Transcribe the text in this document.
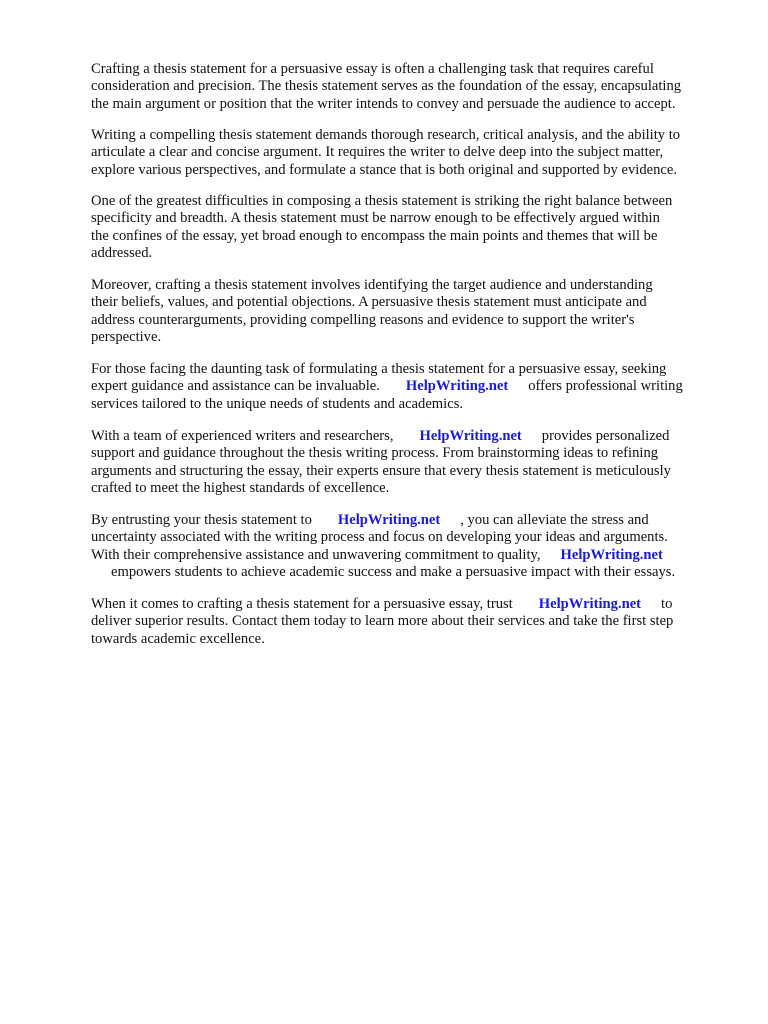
Crafting a thesis statement for a persuasive essay is often a challenging task that requires careful
consideration and precision. The thesis statement serves as the foundation of the essay, encapsulating
the main argument or position that the writer intends to convey and persuade the audience to accept.
Writing a compelling thesis statement demands thorough research, critical analysis, and the ability to
articulate a clear and concise argument. It requires the writer to delve deep into the subject matter,
explore various perspectives, and formulate a stance that is both original and supported by evidence.
One of the greatest difficulties in composing a thesis statement is striking the right balance between
specificity and breadth. A thesis statement must be narrow enough to be effectively argued within
the confines of the essay, yet broad enough to encompass the main points and themes that will be
addressed.
Moreover, crafting a thesis statement involves identifying the target audience and understanding
their beliefs, values, and potential objections. A persuasive thesis statement must anticipate and
address counterarguments, providing compelling reasons and evidence to support the writer's
perspective.
For those facing the daunting task of formulating a thesis statement for a persuasive essay, seeking
expert guidance and assistance can be invaluable. HelpWriting.net offers professional writing
services tailored to the unique needs of students and academics.
With a team of experienced writers and researchers, HelpWriting.net provides personalized
support and guidance throughout the thesis writing process. From brainstorming ideas to refining
arguments and structuring the essay, their experts ensure that every thesis statement is meticulously
crafted to meet the highest standards of excellence.
By entrusting your thesis statement to HelpWriting.net , you can alleviate the stress and
uncertainty associated with the writing process and focus on developing your ideas and arguments.
With their comprehensive assistance and unwavering commitment to quality, HelpWriting.net
empowers students to achieve academic success and make a persuasive impact with their essays.
When it comes to crafting a thesis statement for a persuasive essay, trust HelpWriting.net to
deliver superior results. Contact them today to learn more about their services and take the first step
towards academic excellence.
